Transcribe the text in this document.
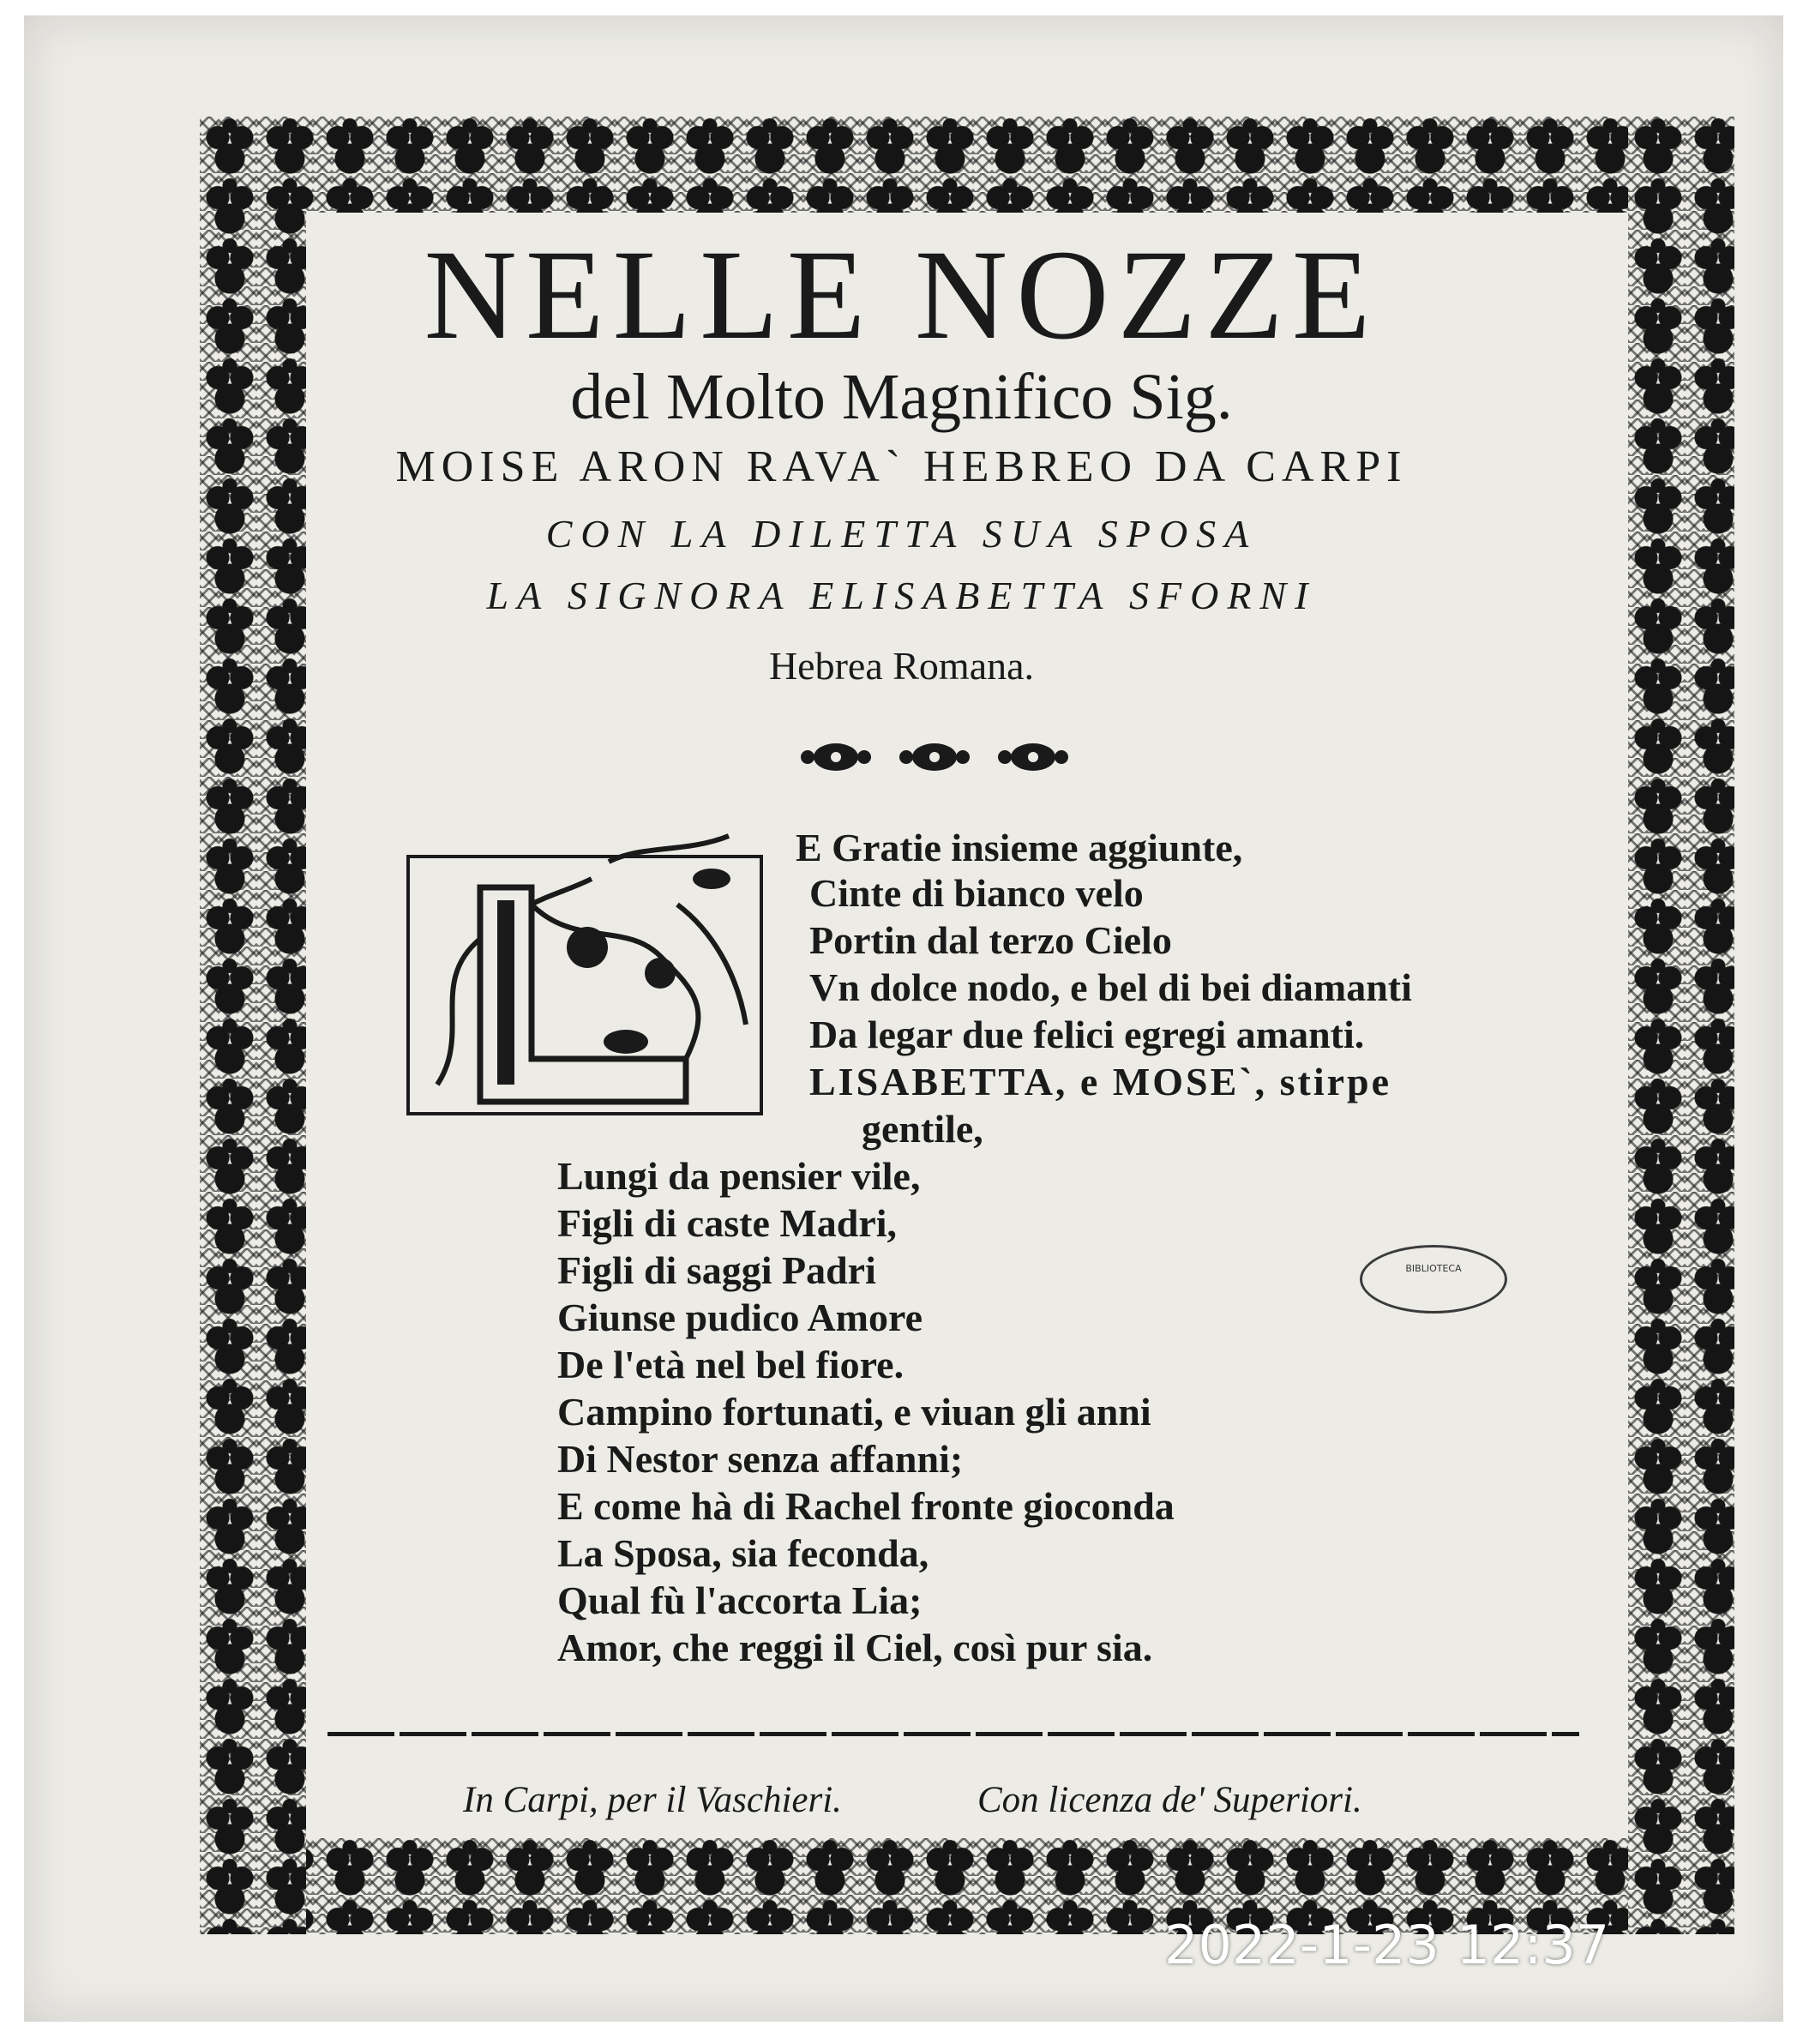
NELLE NOZZE
del Molto Magnifico Sig.
MOISE ARON RAVA` HEBREO DA CARPI
CON LA DILETTA SUA SPOSA
LA SIGNORA ELISABETTA SFORNI
Hebrea Romana.
E Gratie insieme aggiunte,
Cinte di bianco velo
Portin dal terzo Cielo
Vn dolce nodo, e bel di bei diamanti
Da legar due felici egregi amanti.
LISABETTA, e MOSE`, stirpe
gentile,
Lungi da pensier vile,
Figli di caste Madri,
Figli di saggi Padri
Giunse pudico Amore
De l'età nel bel fiore.
Campino fortunati, e viuan gli anni
Di Nestor senza affanni;
E come hà di Rachel fronte gioconda
La Sposa, sia feconda,
Qual fù l'accorta Lia;
Amor, che reggi il Ciel, così pur sia.
BIBLIOTECA
In Carpi, per il Vaschieri.	Con licenza de' Superiori.
2022-1-23 12:37
